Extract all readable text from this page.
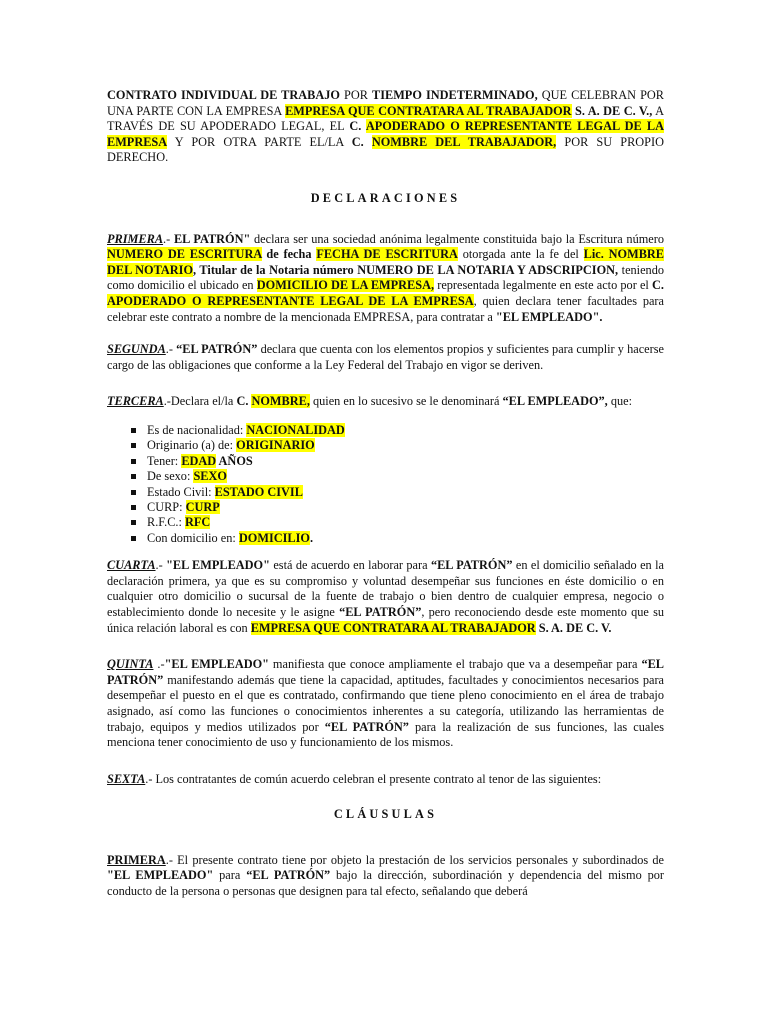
CONTRATO INDIVIDUAL DE TRABAJO POR TIEMPO INDETERMINADO, QUE CELEBRAN POR UNA PARTE CON LA EMPRESA EMPRESA QUE CONTRATARA AL TRABAJADOR S. A. DE C. V., A TRAVÉS DE SU APODERADO LEGAL, EL C. APODERADO O REPRESENTANTE LEGAL DE LA EMPRESA Y POR OTRA PARTE EL/LA C. NOMBRE DEL TRABAJADOR, POR SU PROPIO DERECHO.

DECLARACIONES

PRIMERA.- EL PATRÓN" declara ser una sociedad anónima legalmente constituida bajo la Escritura número NUMERO DE ESCRITURA de fecha FECHA DE ESCRITURA otorgada ante la fe del Lic. NOMBRE DEL NOTARIO, Titular de la Notaria número NUMERO DE LA NOTARIA Y ADSCRIPCION, teniendo como domicilio el ubicado en DOMICILIO DE LA EMPRESA, representada legalmente en este acto por el C. APODERADO O REPRESENTANTE LEGAL DE LA EMPRESA, quien declara tener facultades para celebrar este contrato a nombre de la mencionada EMPRESA, para contratar a "EL EMPLEADO".

SEGUNDA.- “EL PATRÓN” declara que cuenta con los elementos propios y suficientes para cumplir y hacerse cargo de las obligaciones que conforme a la Ley Federal del Trabajo en vigor se deriven.

TERCERA.-Declara el/la C. NOMBRE, quien en lo sucesivo se le denominará “EL EMPLEADO”, que:

Es de nacionalidad: NACIONALIDAD
Originario (a) de: ORIGINARIO
Tener: EDAD AÑOS
De sexo: SEXO
Estado Civil: ESTADO CIVIL
CURP: CURP
R.F.C.: RFC
Con domicilio en: DOMICILIO.

CUARTA.- "EL EMPLEADO" está de acuerdo en laborar para “EL PATRÓN” en el domicilio señalado en la declaración primera, ya que es su compromiso y voluntad desempeñar sus funciones en éste domicilio o en cualquier otro domicilio o sucursal de la fuente de trabajo o bien dentro de cualquier empresa, negocio o establecimiento donde lo necesite y le asigne “EL PATRÓN”, pero reconociendo desde este momento que su única relación laboral es con EMPRESA QUE CONTRATARA AL TRABAJADOR S. A. DE C. V.

QUINTA .-"EL EMPLEADO" manifiesta que conoce ampliamente el trabajo que va a desempeñar para “EL PATRÓN” manifestando además que tiene la capacidad, aptitudes, facultades y conocimientos necesarios para desempeñar el puesto en el que es contratado, confirmando que tiene pleno conocimiento en el área de trabajo asignado, así como las funciones o conocimientos inherentes a su categoría, utilizando las herramientas de trabajo, equipos y medios utilizados por “EL PATRÓN” para la realización de sus funciones, las cuales menciona tener conocimiento de uso y funcionamiento de los mismos.

SEXTA.- Los contratantes de común acuerdo celebran el presente contrato al tenor de las siguientes:

CLÁUSULAS

PRIMERA.- El presente contrato tiene por objeto la prestación de los servicios personales y subordinados de "EL EMPLEADO" para “EL PATRÓN” bajo la dirección, subordinación y dependencia del mismo por conducto de la persona o personas que designen para tal efecto, señalando que deberá
